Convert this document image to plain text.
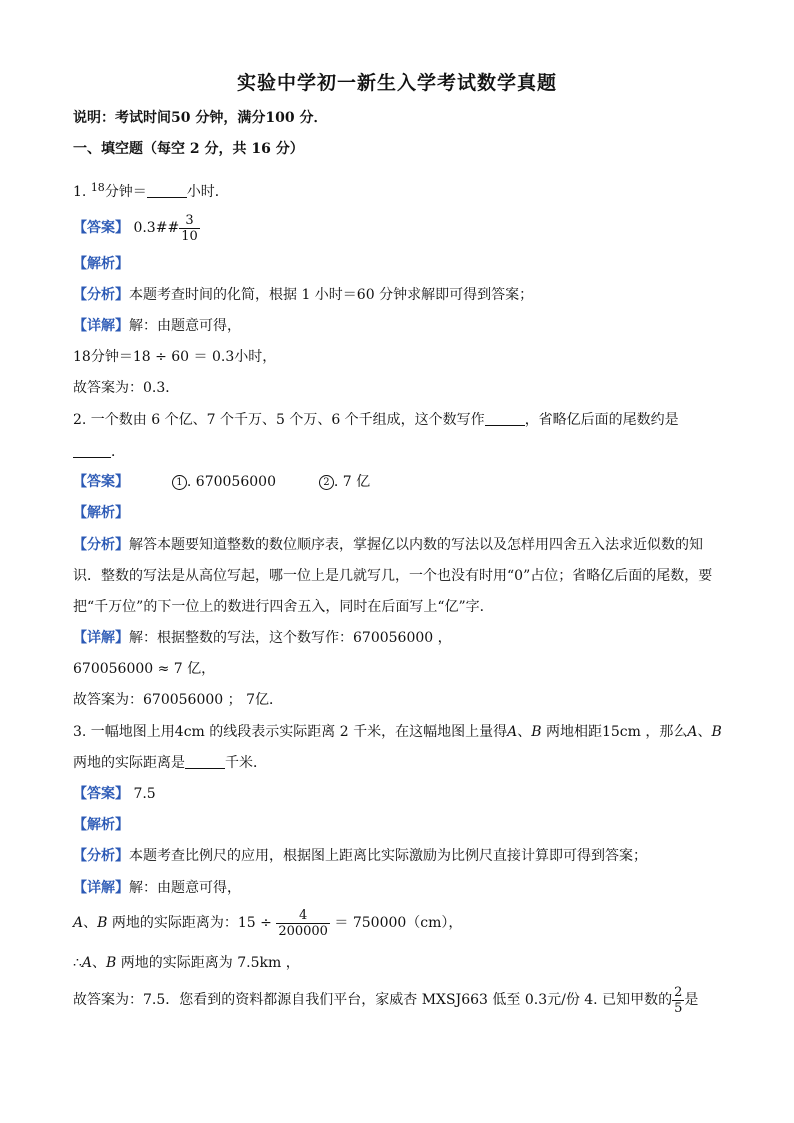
实验中学初一新生入学考试数学真题
说明：考试时间50 分钟，满分100 分．
一、填空题（每空 2 分，共 16 分）
1. $^{18}$分钟＝	小时．
【答案】 0.3## $\frac{3}{10}$
【解析】
【分析】本题考查时间的化简，根据 1 小时＝60 分钟求解即可得到答案；
【详解】解：由题意可得，
18分钟＝18 ÷ 60 ＝ 0.3小时，
故答案为：0.3．
2. 一个数由 6 个亿、7 个千万、5 个万、6 个千组成，这个数写作	，省略亿后面的尾数约是
．
【答案】	1 . 670056000	2 . 7 亿
【解析】
【分析】解答本题要知道整数的数位顺序表，掌握亿以内数的写法以及怎样用四舍五入法求近似数的知
识．整数的写法是从高位写起，哪一位上是几就写几，一个也没有时用“0”占位；省略亿后面的尾数，要
把“千万位”的下一位上的数进行四舍五入，同时在后面写上“亿”字．
【详解】解：根据整数的写法，这个数写作：670056000 ，
670056000 ≈ 7 亿，
故答案为：670056000 ； 7亿．
3. 一幅地图上用4cm 的线段表示实际距离 2 千米，在这幅地图上量得A、B 两地相距15cm ，那么A、B
两地的实际距离是	千米．
【答案】 7.5
【解析】
【分析】本题考查比例尺的应用，根据图上距离比实际激励为比例尺直接计算即可得到答案；
【详解】解：由题意可得，
A、B 两地的实际距离为：$15 \div \frac{4}{200000} = 750000(cm)$，
∴A、B 两地的实际距离为 7.5km ，
故答案为：7.5．您看到的资料都源自我们平台，家威杏 MXSJ663 低至 0.3元/份 4. 已知甲数的 $\frac{2}{5}$ 是
